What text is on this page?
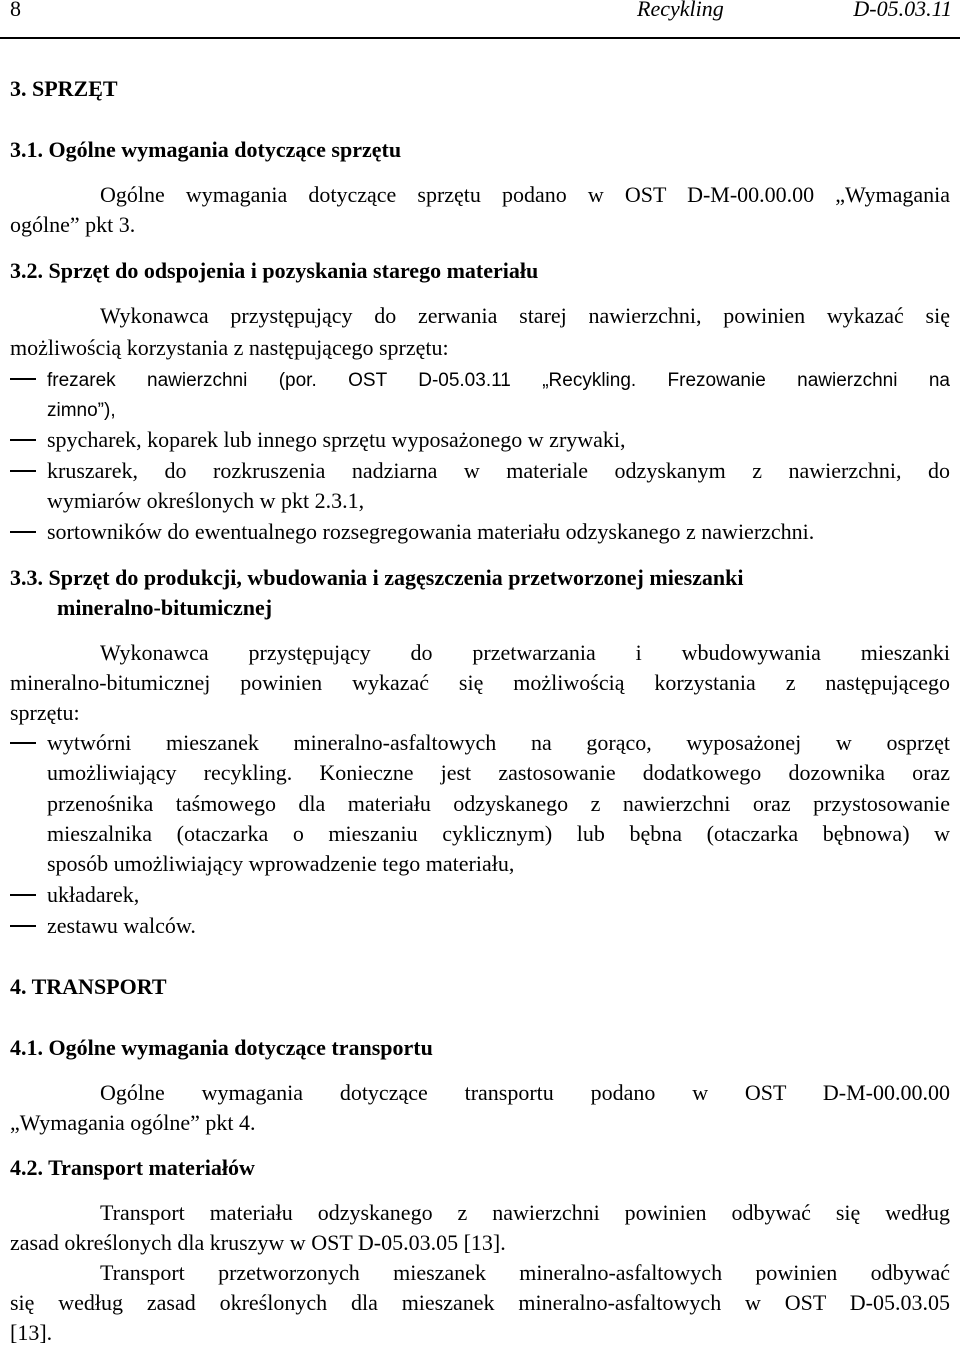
8	Recykling	D-05.03.11
3. SPRZĘT
3.1. Ogólne wymagania dotyczące sprzętu
Ogólne wymagania dotyczące sprzętu podano w OST D-M-00.00.00 „Wymagania
ogólne” pkt 3.
3.2. Sprzęt do odspojenia i pozyskania starego materiału
Wykonawca przystępujący do zerwania starej nawierzchni, powinien wykazać się
możliwością korzystania z następującego sprzętu:
frezarek nawierzchni (por. OST D-05.03.11 „Recykling. Frezowanie nawierzchni na
zimno”),
spycharek, koparek lub innego sprzętu wyposażonego w zrywaki,
kruszarek, do rozkruszenia nadziarna w materiale odzyskanym z nawierzchni, do
wymiarów określonych w pkt 2.3.1,
sortowników do ewentualnego rozsegregowania materiału odzyskanego z nawierzchni.
3.3. Sprzęt do produkcji, wbudowania i zagęszczenia przetworzonej mieszanki
mineralno-bitumicznej
Wykonawca przystępujący do przetwarzania i wbudowywania mieszanki
mineralno-bitumicznej powinien wykazać się możliwością korzystania z następującego
sprzętu:
wytwórni mieszanek mineralno-asfaltowych na gorąco, wyposażonej w osprzęt
umożliwiający recykling. Konieczne jest zastosowanie dodatkowego dozownika oraz
przenośnika taśmowego dla materiału odzyskanego z nawierzchni oraz przystosowanie
mieszalnika (otaczarka o mieszaniu cyklicznym) lub bębna (otaczarka bębnowa) w
sposób umożliwiający wprowadzenie tego materiału,
układarek,
zestawu walców.
4. TRANSPORT
4.1. Ogólne wymagania dotyczące transportu
Ogólne wymagania dotyczące transportu podano w OST D-M-00.00.00
„Wymagania ogólne” pkt 4.
4.2. Transport materiałów
Transport materiału odzyskanego z nawierzchni powinien odbywać się według
zasad określonych dla kruszyw w OST D-05.03.05 [13].
Transport przetworzonych mieszanek mineralno-asfaltowych powinien odbywać
się według zasad określonych dla mieszanek mineralno-asfaltowych w OST D-05.03.05
[13].
